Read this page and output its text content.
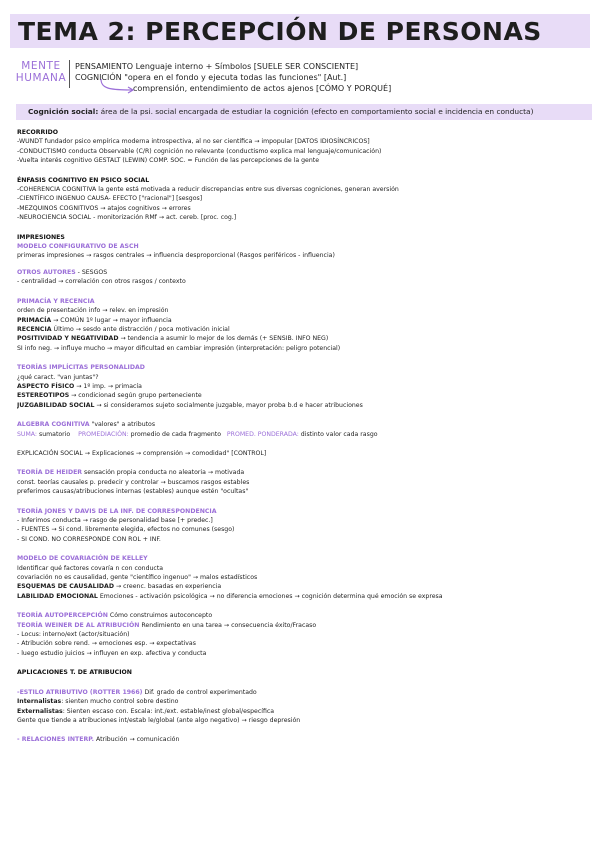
TEMA 2: PERCEPCIÓN DE PERSONAS
MENTE HUMANA
PENSAMIENTO Lenguaje interno + Símbolos [SUELE SER CONSCIENTE]
COGNICIÓN "opera en el fondo y ejecuta todas las funciones" [Aut.]
comprensión, entendimiento de actos ajenos [CÓMO Y PORQUÉ]
Cognición social: área de la psi. social encargada de estudiar la cognición (efecto en comportamiento social e incidencia en conducta)
RECORRIDO
-WUNDT fundador psico empírica moderna introspectiva, al no ser científica → impopular [DATOS IDIOSÍNCRICOS]
-CONDUCTISMO conducta Observable (C/R) cognición no relevante (conductismo explica mal lenguaje/comunicación)
-Vuelta interés cognitivo GESTALT (LEWIN) COMP. SOC. = Función de las percepciones de la gente
ÉNFASIS COGNITIVO EN PSICO SOCIAL
-COHERENCIA COGNITIVA la gente está motivada a reducir discrepancias entre sus diversas cogniciones, generan aversión
-CIENTÍFICO INGENUO CAUSA- EFECTO ["racional"] [sesgos]
-MEZQUINOS COGNITIVOS → atajos cognitivos → errores
-NEUROCIENCIA SOCIAL - monitorización RMf → act. cereb. [proc. cog.]
IMPRESIONES
MODELO CONFIGURATIVO DE ASCH
primeras impresiones → rasgos centrales → influencia desproporcional (Rasgos periféricos - influencia)
OTROS AUTORES - SESGOS
- centralidad → correlación con otros rasgos / contexto
PRIMACÍA Y RECENCIA
orden de presentación info → relev. en impresión
PRIMACÍA → COMÚN 1º lugar → mayor influencia
RECENCIA Último → sesdo ante distracción / poca motivación inicial
POSITIVIDAD Y NEGATIVIDAD → tendencia a asumir lo mejor de los demás (+ SENSIB. INFO NEG)
SI info neg. → influye mucho → mayor dificultad en cambiar impresión (interpretación: peligro potencial)
TEORÍAS IMPLÍCITAS PERSONALIDAD
¿qué caract. "van juntas"?
ASPECTO FÍSICO → 1º imp. → primacía
ESTEREOTIPOS → condicionad según grupo perteneciente
JUZGABILIDAD SOCIAL → si consideramos sujeto socialmente juzgable, mayor proba b.d e hacer atribuciones
ALGEBRA COGNITIVA "valores" a atributos
SUMA: sumatorio PROMEDIACIÓN: promedio de cada fragmento PROMED. PONDERADA: distinto valor cada rasgo
EXPLICACIÓN SOCIAL → Explicaciones → comprensión → comodidad" [CONTROL]
TEORÍA DE HEIDER sensación propia conducta no aleatoria → motivada
const. teorías causales p. predecir y controlar → buscamos rasgos estables
preferimos causas/atribuciones internas (estables) aunque estén "ocultas"
TEORÍA JONES Y DAVIS DE LA INF. DE CORRESPONDENCIA
- Inferimos conducta → rasgo de personalidad base [+ predec.]
- FUENTES → Si cond. libremente elegida, efectos no comunes (sesgo)
- SI COND. NO CORRESPONDE CON ROL + INF.
MODELO DE COVARIACIÓN DE KELLEY
Identificar qué factores covaría n con conducta
covariación no es causalidad, gente "científico ingenuo" → malos estadísticos
ESQUEMAS DE CAUSALIDAD → creenc. basadas en experiencia
LABILIDAD EMOCIONAL Emociones - activación psicológica → no diferencia emociones → cognición determina qué emoción se expresa
TEORÍA AUTOPERCEPCIÓN Cómo construimos autoconcepto
TEORÍA WEINER DE AL ATRIBUCIÓN Rendimiento en una tarea → consecuencia éxito/Fracaso
- Locus: interno/ext (actor/situación)
- Atribución sobre rend. → emociones esp. → expectativas
- luego estudio juicios → influyen en exp. afectiva y conducta
APLICACIONES T. DE ATRIBUCION
-ESTILO ATRIBUTIVO (ROTTER 1966) Dif. grado de control experimentado
Internalistas: sienten mucho control sobre destino
Externalistas: Sienten escaso con. Escala: int./ext. estable/inest global/específica
Gente que tiende a atribuciones int/estab le/global (ante algo negativo) → riesgo depresión
- RELACIONES INTERP. Atribución → comunicación
